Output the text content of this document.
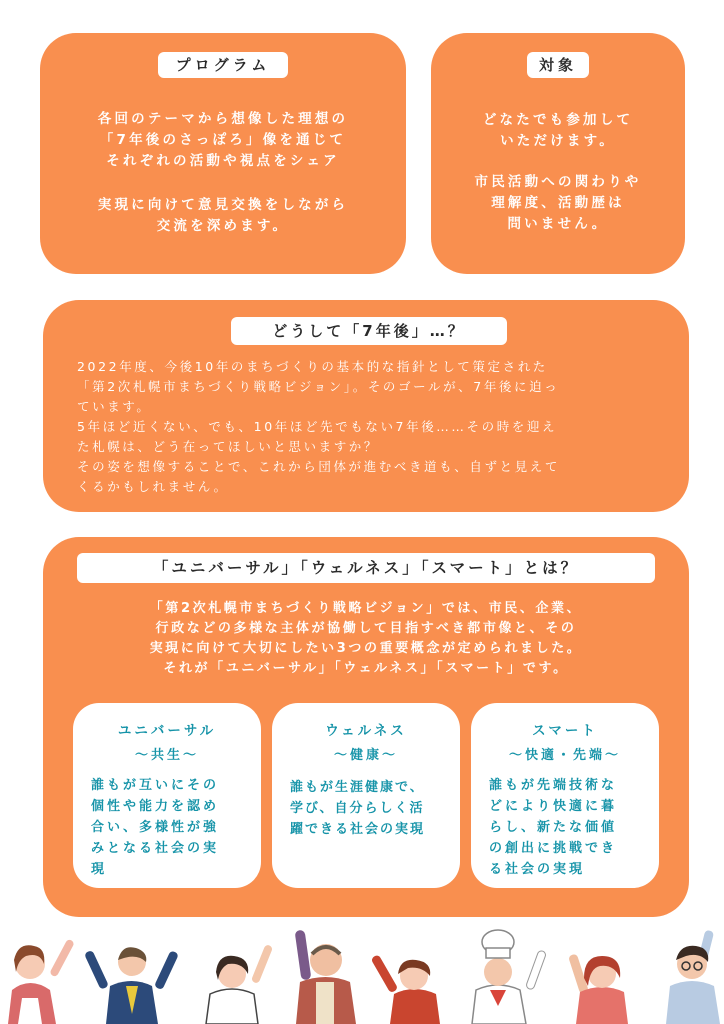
プログラム
各回のテーマから想像した理想の
「7年後のさっぽろ」像を通じて
それぞれの活動や視点をシェア
実現に向けて意見交換をしながら
交流を深めます。
対象
どなたでも参加して
いただけます。
市民活動への関わりや
理解度、活動歴は
問いません。
どうして「7年後」…？
2022年度、今後10年のまちづくりの基本的な指針として策定された
「第2次札幌市まちづくり戦略ビジョン」。そのゴールが、7年後に迫っ
ています。
5年ほど近くない、でも、10年ほど先でもない7年後……その時を迎え
た札幌は、どう在ってほしいと思いますか？
その姿を想像することで、これから団体が進むべき道も、自ずと見えて
くるかもしれません。
「ユニバーサル」「ウェルネス」「スマート」とは？
「第2次札幌市まちづくり戦略ビジョン」では、市民、企業、
行政などの多様な主体が協働して目指すべき都市像と、その
実現に向けて大切にしたい3つの重要概念が定められました。
それが「ユニバーサル」「ウェルネス」「スマート」です。
ユニバーサル
～共生～
誰もが互いにその
個性や能力を認め
合い、多様性が強
みとなる社会の実
現
ウェルネス
～健康～
誰もが生涯健康で、
学び、自分らしく活
躍できる社会の実現
スマート
～快適・先端～
誰もが先端技術な
どにより快適に暮
らし、新たな価値
の創出に挑戦でき
る社会の実現
